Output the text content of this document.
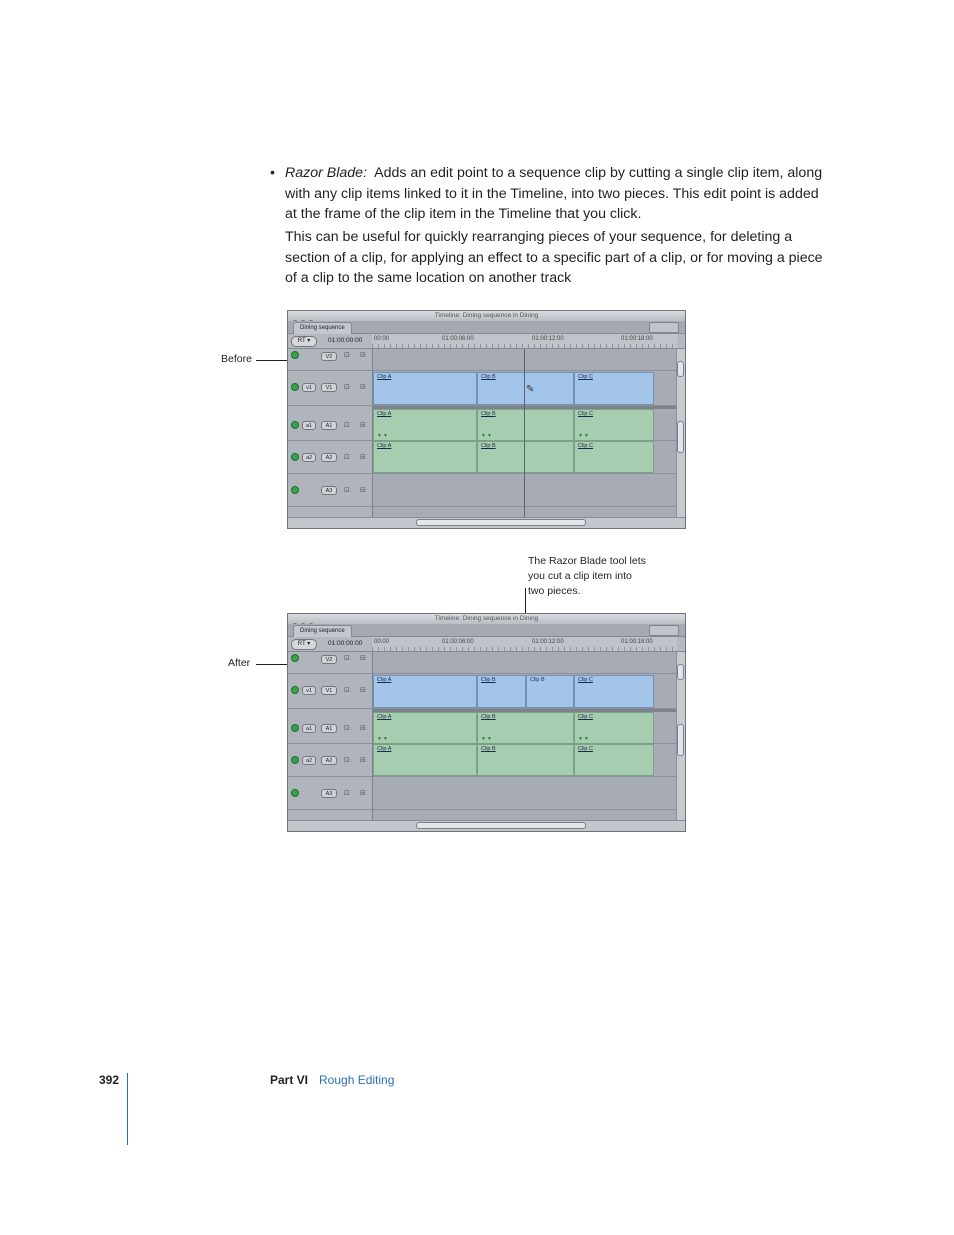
• Razor Blade: Adds an edit point to a sequence clip by cutting a single clip item, along with any clip items linked to it in the Timeline, into two pieces. This edit point is added at the frame of the clip item in the Timeline that you click.
This can be useful for quickly rearranging pieces of your sequence, for deleting a section of a clip, for applying an effect to a specific part of a clip, or for moving a piece of a clip to the same location on another track
Before
The Razor Blade tool lets
you cut a clip item into
two pieces.
After
Timeline: Dining sequence in Dining
Dining sequence
RT ▾	01:00:00:00 00:00	01:00:06:00	01:00:12:00	01:00:18:00
V2	⊡ ⊟
v1	V1	⊡ ⊟
a1	A1	⊡ ⊟
a2	A2	⊡ ⊟
A3	⊡ ⊟
Clip A	Clip B
✎
Clip C
Clip A
▼▼
Clip B
▼▼
Clip C
▼▼
Clip A	Clip B	Clip C
Timeline: Dining sequence in Dining
Dining sequence
RT ▾	01:00:00:00 00:00	01:00:06:00	01:00:12:00	01:00:18:00
V2	⊡ ⊟
v1	V1	⊡ ⊟
a1	A1	⊡ ⊟
a2	A2	⊡ ⊟
A3	⊡ ⊟
Clip A	Clip B	Clip B	Clip C
Clip A
▼▼
Clip B
▼▼
Clip C
▼▼
Clip A	Clip B	Clip C
392	Part VI Rough Editing
